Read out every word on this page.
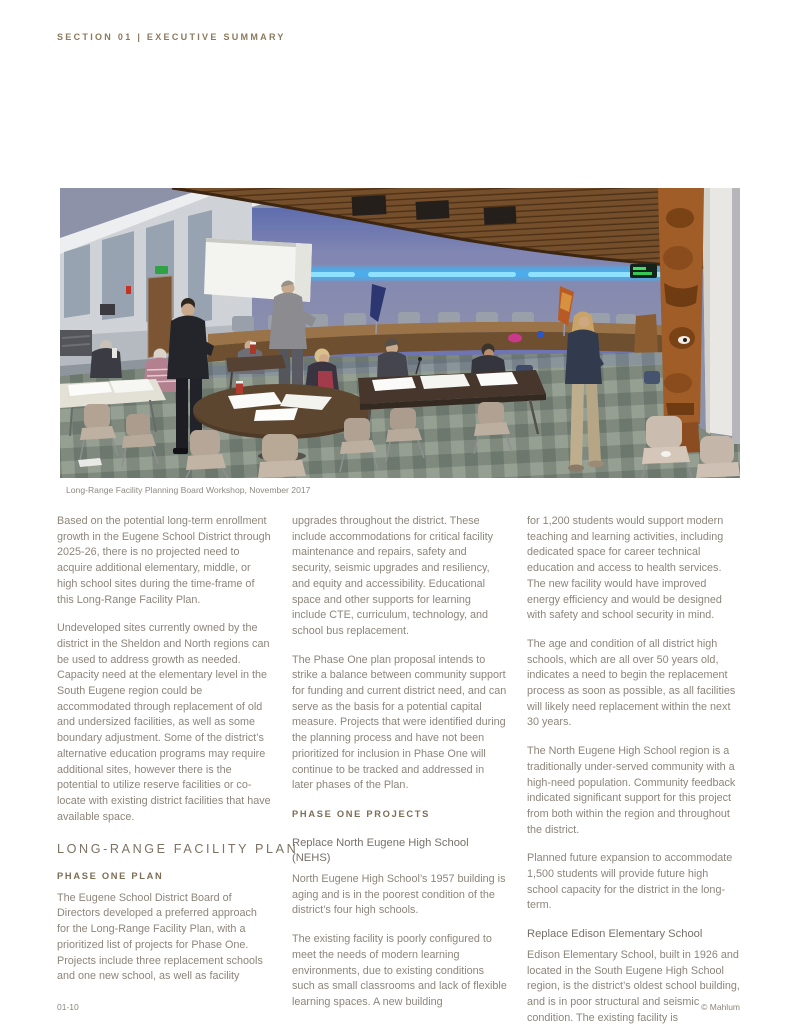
SECTION 01 | EXECUTIVE SUMMARY
Long-Range Facility Planning Board Workshop, November 2017

Based on the potential long-term enrollment growth in the Eugene School District through 2025-26, there is no projected need to acquire additional elementary, middle, or high school sites during the time-frame of this Long-Range Facility Plan.

Undeveloped sites currently owned by the district in the Sheldon and North regions can be used to address growth as needed. Capacity need at the elementary level in the South Eugene region could be accommodated through replacement of old and undersized facilities, as well as some boundary adjustment. Some of the district’s alternative education programs may require additional sites, however there is the potential to utilize reserve facilities or co-locate with existing district facilities that have available space.

LONG-RANGE FACILITY PLAN
PHASE ONE PLAN

The Eugene School District Board of Directors developed a preferred approach for the Long-Range Facility Plan, with a prioritized list of projects for Phase One. Projects include three replacement schools and one new school, as well as facility

upgrades throughout the district. These include accommodations for critical facility maintenance and repairs, safety and security, seismic upgrades and resiliency, and equity and accessibility. Educational space and other supports for learning include CTE, curriculum, technology, and school bus replacement.

The Phase One plan proposal intends to strike a balance between community support for funding and current district need, and can serve as the basis for a potential capital measure. Projects that were identified during the planning process and have not been prioritized for inclusion in Phase One will continue to be tracked and addressed in later phases of the Plan.

PHASE ONE PROJECTS
Replace North Eugene High School (NEHS)

North Eugene High School’s 1957 building is aging and is in the poorest condition of the district’s four high schools.

The existing facility is poorly configured to meet the needs of modern learning environments, due to existing conditions such as small classrooms and lack of flexible learning spaces. A new building

for 1,200 students would support modern teaching and learning activities, including dedicated space for career technical education and access to health services. The new facility would have improved energy efficiency and would be designed with safety and school security in mind.

The age and condition of all district high schools, which are all over 50 years old, indicates a need to begin the replacement process as soon as possible, as all facilities will likely need replacement within the next 30 years.

The North Eugene High School region is a traditionally under-served community with a high-need population. Community feedback indicated significant support for this project from both within the region and throughout the district.

Planned future expansion to accommodate 1,500 students will provide future high school capacity for the district in the long-term.

Replace Edison Elementary School

Edison Elementary School, built in 1926 and located in the South Eugene High School region, is the district’s oldest school building, and is in poor structural and seismic condition. The existing facility is

01-10	© Mahlum
